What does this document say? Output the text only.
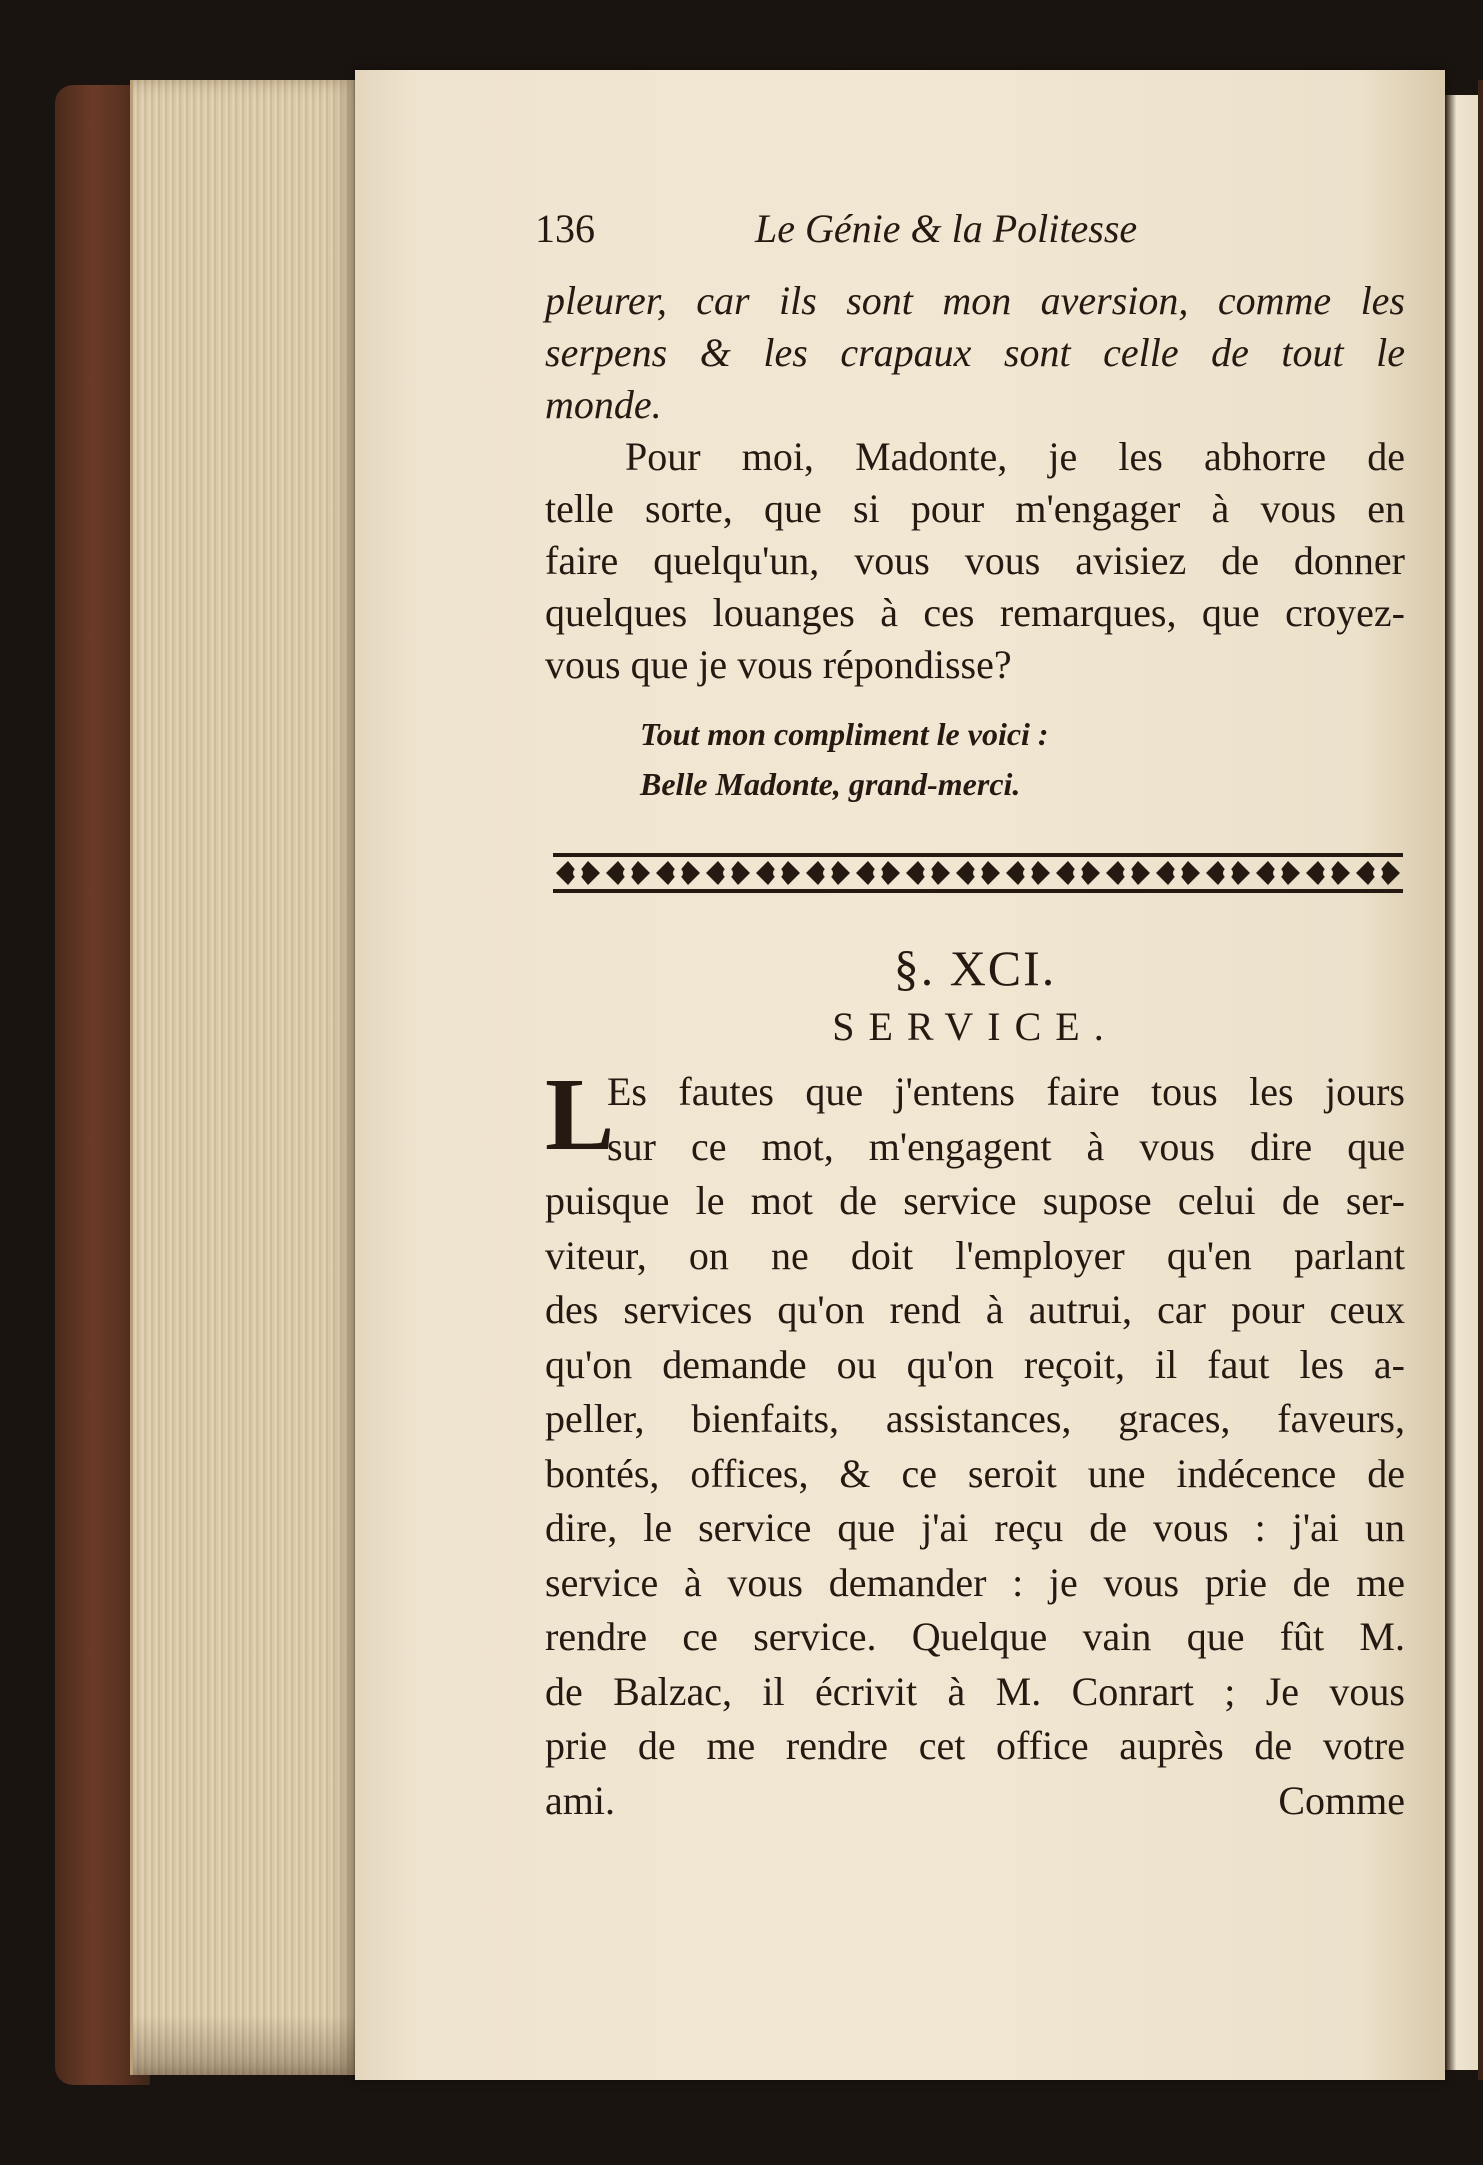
136	Le Génie & la Politesse
pleurer, car ils sont mon aversion, comme les
serpens & les crapaux sont celle de tout le
monde.
Pour moi, Madonte, je les abhorre de
telle sorte, que si pour m'engager à vous en
faire quelqu'un, vous vous avisiez de donner
quelques louanges à ces remarques, que croyez-
vous que je vous répondisse?
Tout mon compliment le voici :
Belle Madonte, grand-merci.
§. XCI.
SERVICE.
L
Es fautes que j'entens faire tous les jours
sur ce mot, m'engagent à vous dire que
puisque le mot de service supose celui de ser-
viteur, on ne doit l'employer qu'en parlant
des services qu'on rend à autrui, car pour ceux
qu'on demande ou qu'on reçoit, il faut les a-
peller, bienfaits, assistances, graces, faveurs,
bontés, offices, & ce seroit une indécence de
dire, le service que j'ai reçu de vous : j'ai un
service à vous demander : je vous prie de me
rendre ce service. Quelque vain que fût M.
de Balzac, il écrivit à M. Conrart ; Je vous
prie de me rendre cet office auprès de votre
ami.	Comme
